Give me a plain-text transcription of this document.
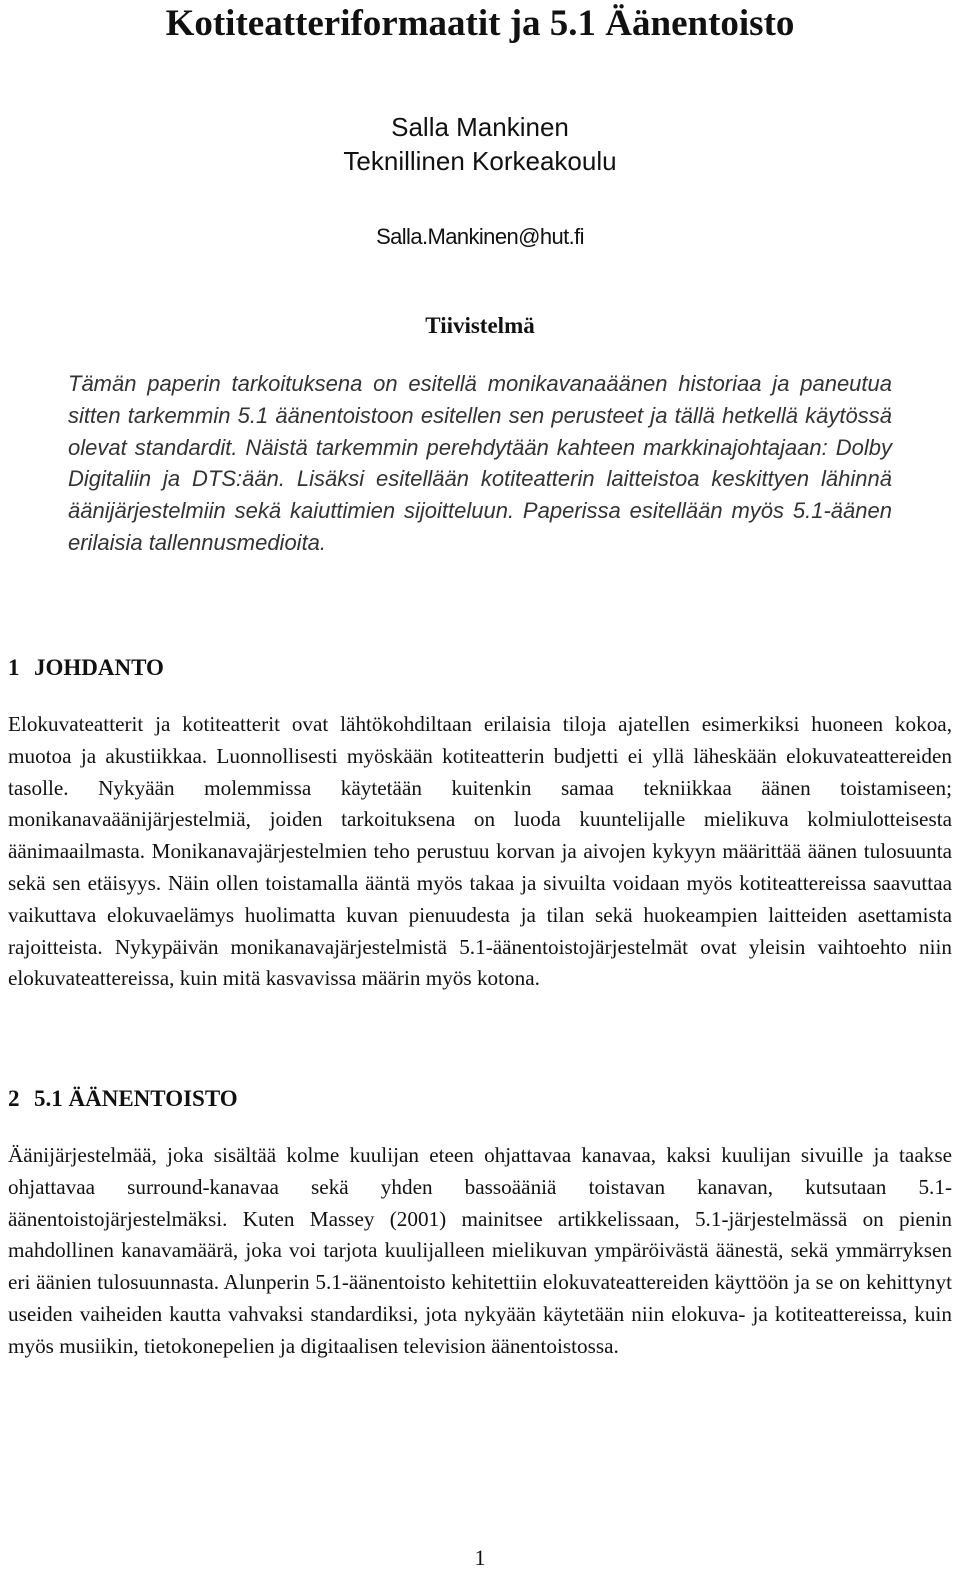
Kotiteatteriformaatit ja 5.1 Äänentoisto
Salla Mankinen
Teknillinen Korkeakoulu
Salla.Mankinen@hut.fi
Tiivistelmä

Tämän paperin tarkoituksena on esitellä monikavanaäänen historiaa ja paneutua sitten tarkemmin 5.1 äänentoistoon esitellen sen perusteet ja tällä hetkellä käytössä olevat standardit. Näistä tarkemmin perehdytään kahteen markkinajohtajaan: Dolby Digitaliin ja DTS:ään. Lisäksi esitellään kotiteatterin laitteistoa keskittyen lähinnä äänijärjestelmiin sekä kaiuttimien sijoitteluun. Paperissa esitellään myös 5.1-äänen erilaisia tallennusmedioita.

1 JOHDANTO

Elokuvateatterit ja kotiteatterit ovat lähtökohdiltaan erilaisia tiloja ajatellen esimerkiksi huoneen kokoa, muotoa ja akustiikkaa. Luonnollisesti myöskään kotiteatterin budjetti ei yllä läheskään elokuvateattereiden tasolle. Nykyään molemmissa käytetään kuitenkin samaa tekniikkaa äänen toistamiseen; monikanavaäänijärjestelmiä, joiden tarkoituksena on luoda kuuntelijalle mielikuva kolmiulotteisesta äänimaailmasta. Monikanavajärjestelmien teho perustuu korvan ja aivojen kykyyn määrittää äänen tulosuunta sekä sen etäisyys. Näin ollen toistamalla ääntä myös takaa ja sivuilta voidaan myös kotiteattereissa saavuttaa vaikuttava elokuvaelämys huolimatta kuvan pienuudesta ja tilan sekä huokeampien laitteiden asettamista rajoitteista. Nykypäivän monikanavajärjestelmistä 5.1-äänentoistojärjestelmät ovat yleisin vaihtoehto niin elokuvateattereissa, kuin mitä kasvavissa määrin myös kotona.

2 5.1 ÄÄNENTOISTO

Äänijärjestelmää, joka sisältää kolme kuulijan eteen ohjattavaa kanavaa, kaksi kuulijan sivuille ja taakse ohjattavaa surround-kanavaa sekä yhden bassoääniä toistavan kanavan, kutsutaan 5.1-äänentoistojärjestelmäksi. Kuten Massey (2001) mainitsee artikkelissaan, 5.1-järjestelmässä on pienin mahdollinen kanavamäärä, joka voi tarjota kuulijalleen mielikuvan ympäröivästä äänestä, sekä ymmärryksen eri äänien tulosuunnasta. Alunperin 5.1-äänentoisto kehitettiin elokuvateattereiden käyttöön ja se on kehittynyt useiden vaiheiden kautta vahvaksi standardiksi, jota nykyään käytetään niin elokuva- ja kotiteattereissa, kuin myös musiikin, tietokonepelien ja digitaalisen television äänentoistossa.

1
